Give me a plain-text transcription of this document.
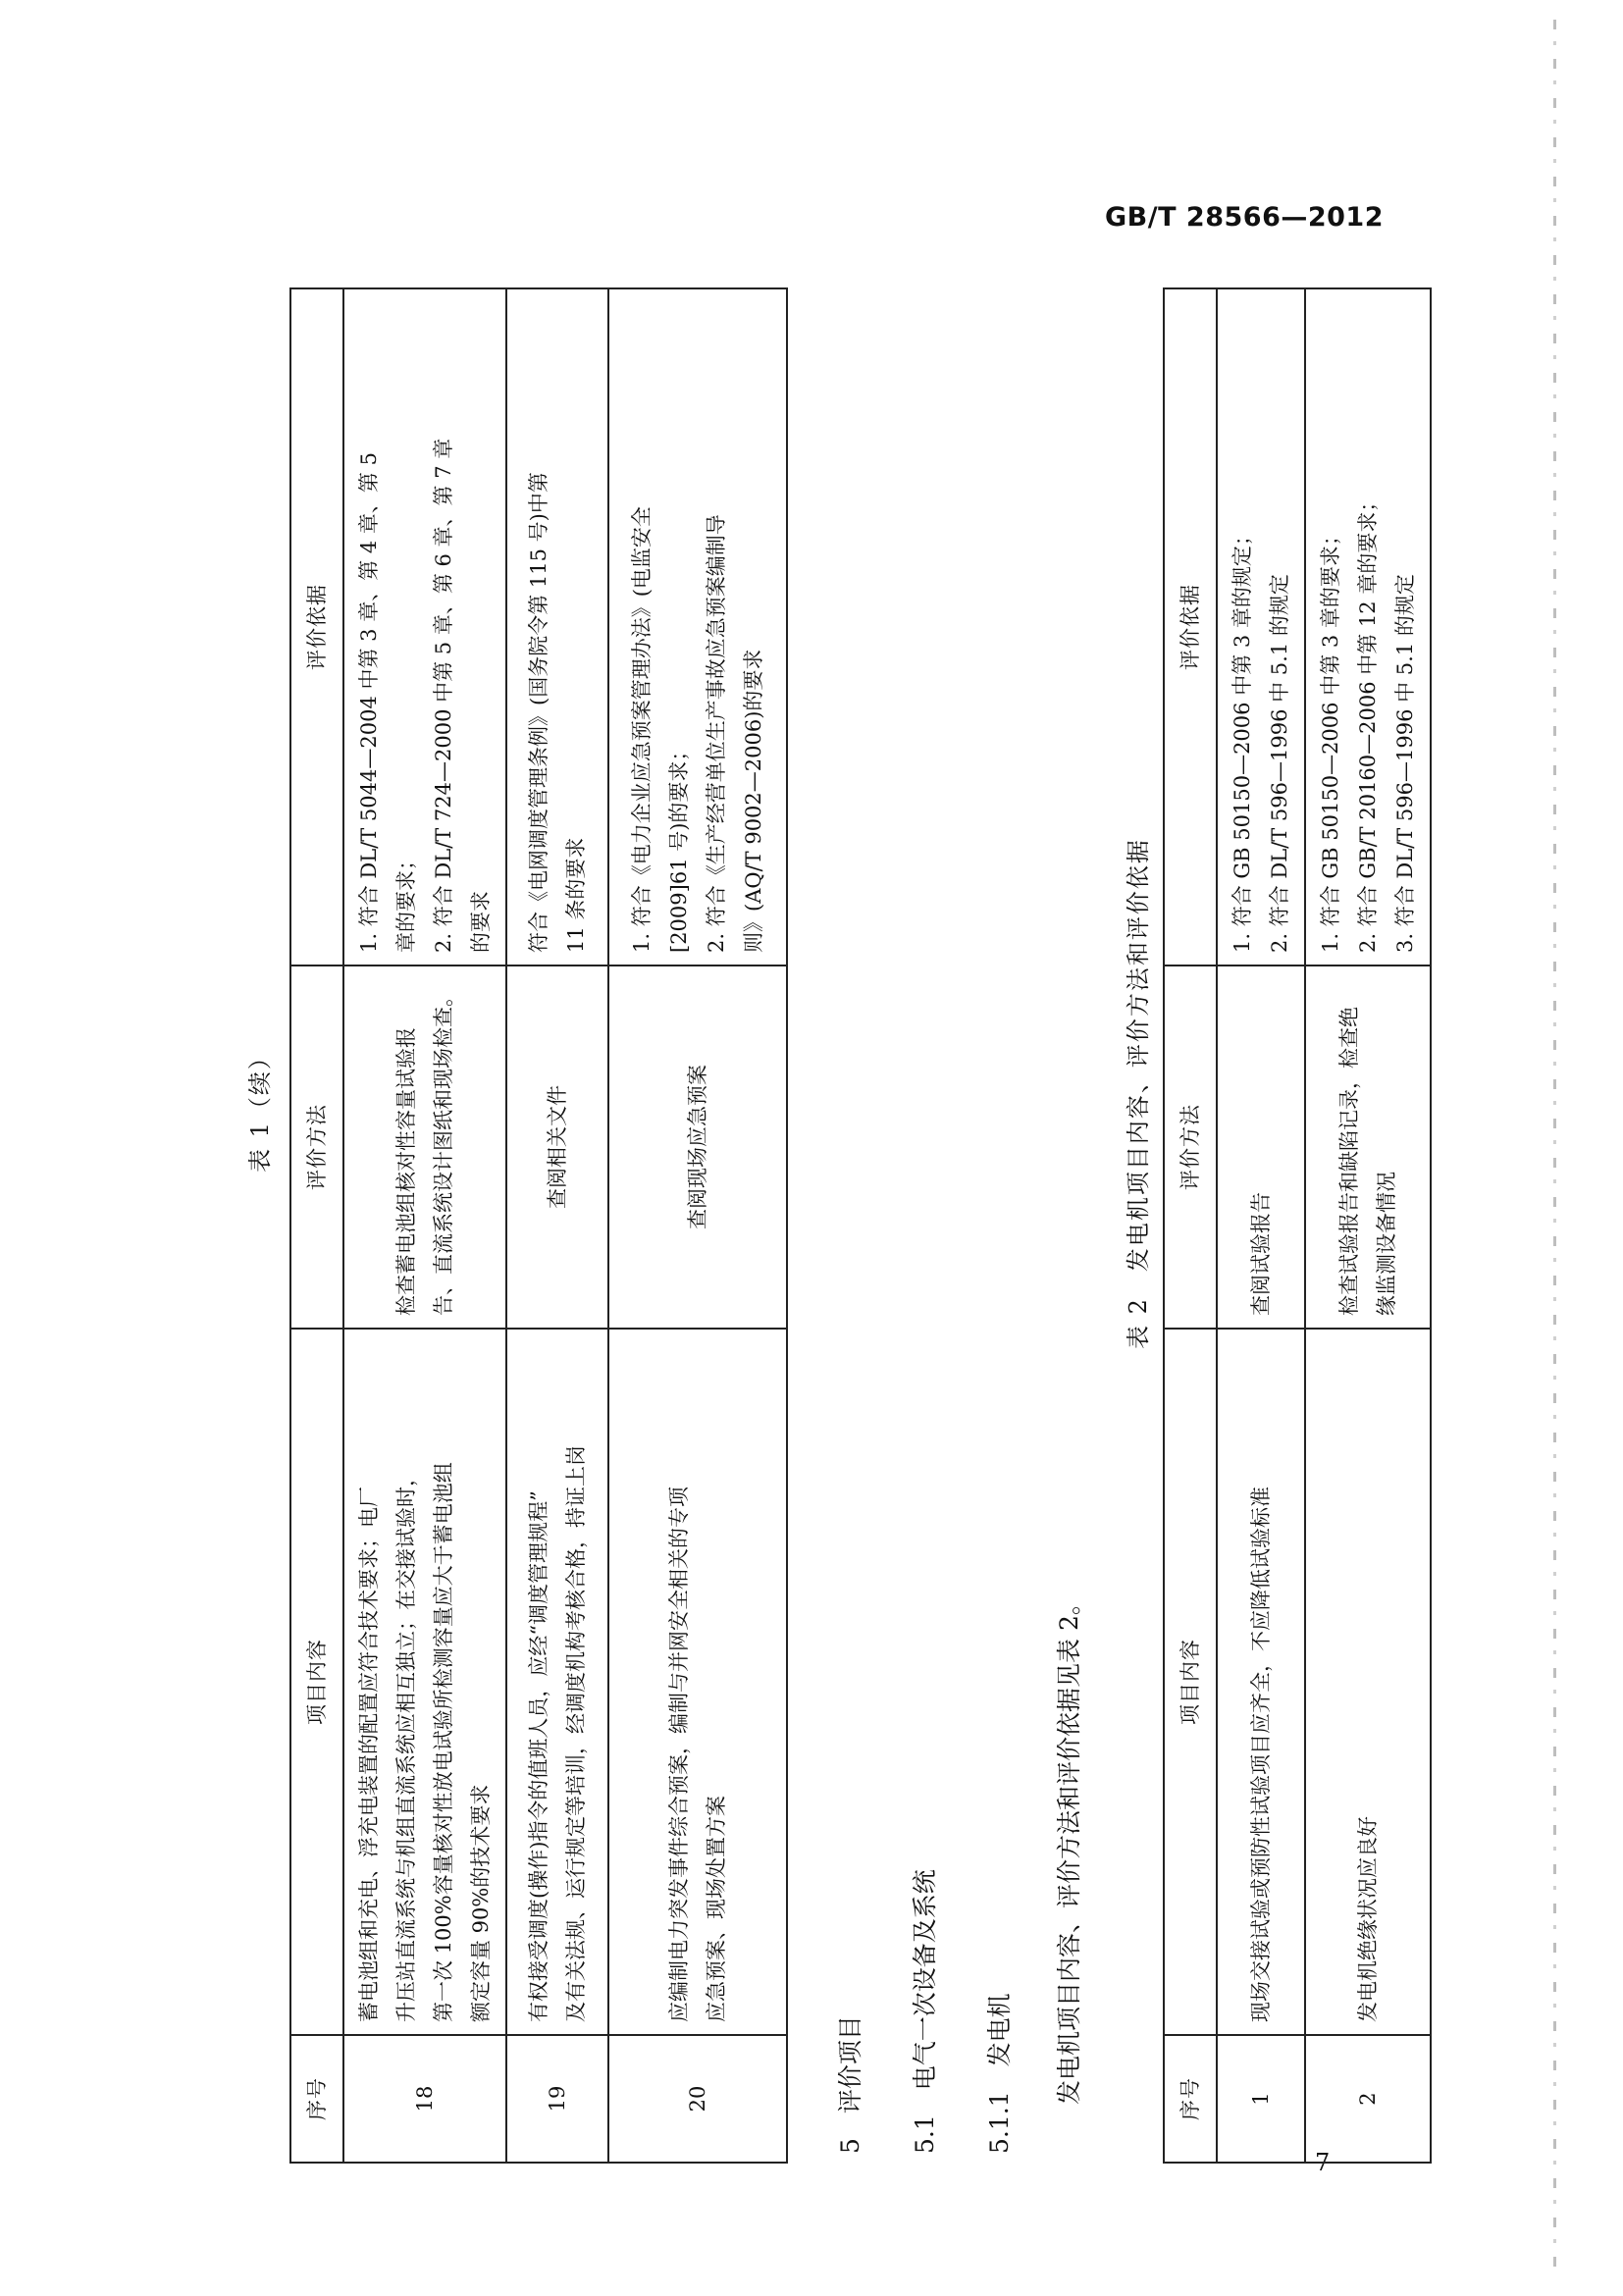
GB/T 28566—2012
7
表 1（续）
序号	项目内容	评价方法	评价依据
18	蓄电池组和充电、浮充电装置的配置应符合技术要求；电厂 升压站直流系统与机组直流系统应相互独立；在交接试验时， 第一次 100%容量核对性放电试验所检测容量应大于蓄电池组 额定容量 90%的技术要求	检查蓄电池组核对性容量试验报 告、直流系统设计图纸和现场检查。	1. 符合 DL/T 5044—2004 中第 3 章、第 4 章、第 5 章的要求； 2. 符合 DL/T 724—2000 中第 5 章、第 6 章、第 7 章 的要求

19	有权接受调度(操作)指令的值班人员，应经“调度管理规程” 及有关法规、运行规定等培训，经调度机构考核合格，持证上岗	查阅相关文件	符合《电网调度管理条例》(国务院令第 115 号)中第 11 条的要求

20	应编制电力突发事件综合预案，编制与并网安全相关的专项 应急预案、现场处置方案	查阅现场应急预案	1. 符合《电力企业应急预案管理办法》(电监安全 [2009]61 号)的要求； 2. 符合《生产经营单位生产事故应急预案编制导 则》(AQ/T 9002—2006)的要求
5　评价项目 5.1　电气一次设备及系统 5.1.1　发电机 发电机项目内容、评价方法和评价依据见表 2。
表 2　发电机项目内容、评价方法和评价依据
序号	项目内容	评价方法	评价依据
1	现场交接试验或预防性试验项目应齐全，不应降低试验标准	查阅试验报告	1. 符合 GB 50150—2006 中第 3 章的规定； 2. 符合 DL/T 596—1996 中 5.1 的规定

2	发电机绝缘状况应良好	检查试验报告和缺陷记录，检查绝 缘监测设备情况	1. 符合 GB 50150—2006 中第 3 章的要求； 2. 符合 GB/T 20160—2006 中第 12 章的要求； 3. 符合 DL/T 596—1996 中 5.1 的规定
